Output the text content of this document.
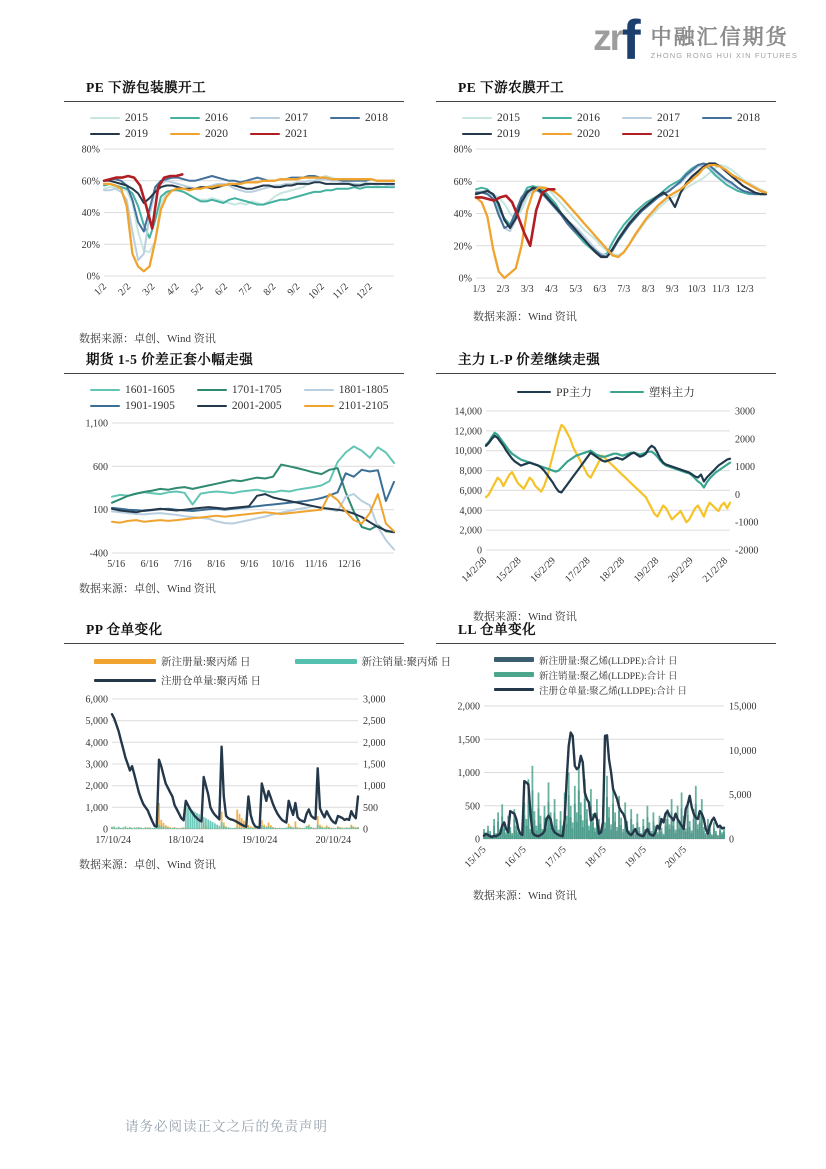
zrf 中融汇信期货
ZHONG RONG HUI XIN FUTURES
PE 下游包装膜开工
2015	2016	2017	2018
2019	2020	2021
0%
20%
40%
60%
80%
1/2 2/2 3/2 4/2 5/2 6/2 7/2 8/2 9/2 10/2 11/2 12/2

数据来源：卓创、Wind 资讯

PE 下游农膜开工
2015	2016	2017	2018
2019	2020	2021
0%
20%
40%
60%
80%
1/3 2/3 3/3 4/3 5/3 6/3 7/3 8/3 9/3 10/3 11/3 12/3

数据来源：Wind 资讯

期货 1-5 价差正套小幅走强
1601-1605	1701-1705	1801-1805
1901-1905	2001-2005	2101-2105
-400
100
600
1,100
5/16 6/16 7/16 8/16 9/16 10/16 11/16 12/16

数据来源：卓创、Wind 资讯

主力 L-P 价差继续走强
PP主力	塑料主力
0
2,000
4,000
6,000
8,000
10,000
12,000
14,000
-2000
-1000
0
1000
2000
3000
14/2/28 15/2/28 16/2/29 17/2/28 18/2/28 19/2/28 20/2/29 21/2/28

数据来源：Wind 资讯

PP 仓单变化
新注册量:聚丙烯 日	新注销量:聚丙烯 日
注册仓单量:聚丙烯 日
0
1,000
2,000
3,000
4,000
5,000
6,000
0
500
1,000
1,500
2,000
2,500
3,000
17/10/24	18/10/24	19/10/24	20/10/24

数据来源：卓创、Wind 资讯

LL 仓单变化
新注册量:聚乙烯(LLDPE):合计 日
新注销量:聚乙烯(LLDPE):合计 日
注册仓单量:聚乙烯(LLDPE):合计 日
0
500
1,000
1,500
2,000
0
5,000
10,000
15,000
15/1/5 16/1/5 17/1/5 18/1/5 19/1/5 20/1/5

数据来源：Wind 资讯

请务必阅读正文之后的免责声明
